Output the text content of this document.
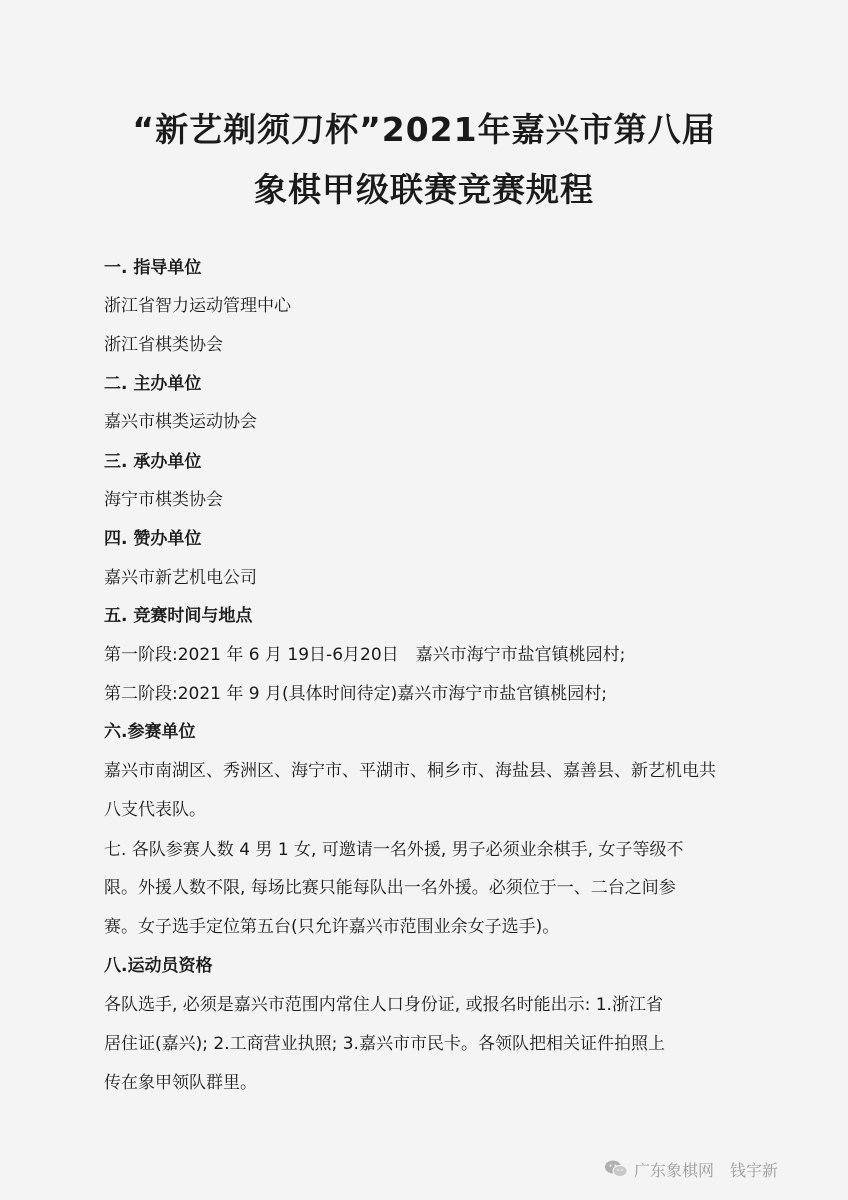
“新艺剃须刀杯”2021年嘉兴市第八届
象棋甲级联赛竞赛规程
一. 指导单位
浙江省智力运动管理中心
浙江省棋类协会
二. 主办单位
嘉兴市棋类运动协会
三. 承办单位
海宁市棋类协会
四. 赞办单位
嘉兴市新艺机电公司
五. 竞赛时间与地点
第一阶段:2021 年 6 月 19日-6月20日　嘉兴市海宁市盐官镇桃园村;
第二阶段:2021 年 9 月(具体时间待定)嘉兴市海宁市盐官镇桃园村;
六.参赛单位
嘉兴市南湖区、秀洲区、海宁市、平湖市、桐乡市、海盐县、嘉善县、新艺机电共
八支代表队。
七. 各队参赛人数 4 男 1 女, 可邀请一名外援, 男子必须业余棋手, 女子等级不
限。外援人数不限, 每场比赛只能每队出一名外援。必须位于一、二台之间参
赛。女子选手定位第五台(只允许嘉兴市范围业余女子选手)。
八.运动员资格
各队选手, 必须是嘉兴市范围内常住人口身份证, 或报名时能出示: 1.浙江省
居住证(嘉兴); 2.工商营业执照; 3.嘉兴市市民卡。各领队把相关证件拍照上
传在象甲领队群里。
广东象棋网　钱宇新
